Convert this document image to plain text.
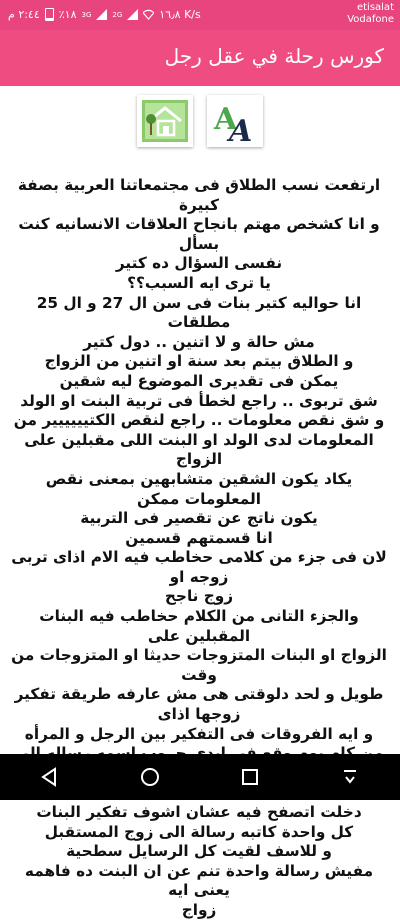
٢:٤٤ م ٪١٨ 3G	2G	١٦٫٨ K/s
etisalat
Vodafone
كورس رحلة في عقل رجل
A
A

ارتفعت نسب الطلاق فى مجتمعاتنا العربية بصفة كبيرة

و انا كشخص مهتم بانجاح العلاقات الانسانيه كنت بسأل

نفسى السؤال ده كتير

يا ترى ايه السبب؟؟

انا حواليه كتير بنات فى سن ال 27 و ال 25 مطلقات

مش حالة و لا اتنين .. دول كتير

و الطلاق بيتم بعد سنة او اتنين من الزواج

يمكن فى تقديرى الموضوع ليه شقين

شق تربوى .. راجع لخطأ فى تربية البنت او الولد

و شق نقص معلومات .. راجع لنقص الكتيييييير من

المعلومات لدى الولد او البنت اللى مقبلين على الزواج

يكاد يكون الشقين متشابهين بمعنى نقص المعلومات ممكن

يكون ناتج عن تقصير فى التربية

انا قسمتهم قسمين

لان فى جزء من كلامى حخاطب فيه الام اذاى تربى زوجه او

زوج ناجح

والجزء التانى من الكلام حخاطب فيه البنات المقبلين على

الزواج او البنات المتزوجات حديثا او المتزوجات من وقت

طويل و لحد دلوقتى هى مش عارفه طريقة تفكير زوجها اذاى

و ايه الفروقات فى التفكير بين الرجل و المرأه

دخلت اتصفح فيه عشان اشوف تفكير البنات

كل واحدة كاتبه رسالة الى زوج المستقبل

و للاسف لقيت كل الرسايل سطحية

مفيش رسالة واحدة تنم عن ان البنت ده فاهمه يعنى ايه

زواج
